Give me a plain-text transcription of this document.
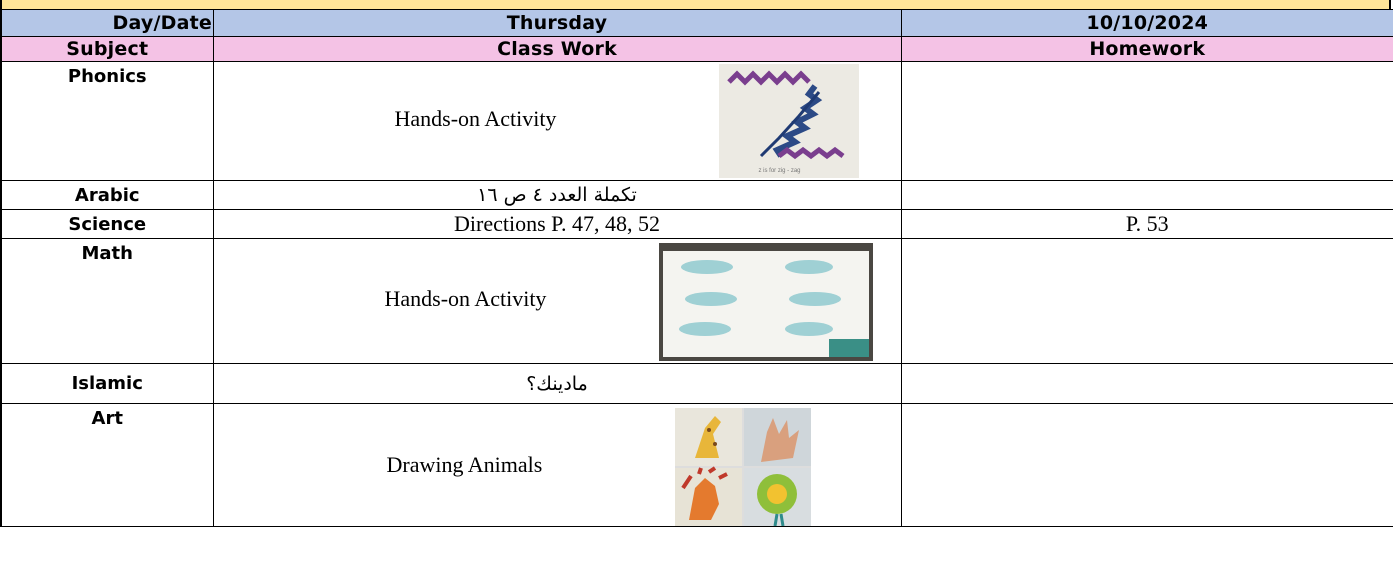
Day/Date	Thursday	10/10/2024
Subject	Class Work	Homework
Phonics	Hands-on Activity
z is for zig - zag	

Arabic	تكملة العدد ٤ ص ١٦	
Science	Directions P. 47, 48, 52	P. 53
Math	Hands-on Activity	

Islamic	مادينك؟	
Art	Drawing Animals	
